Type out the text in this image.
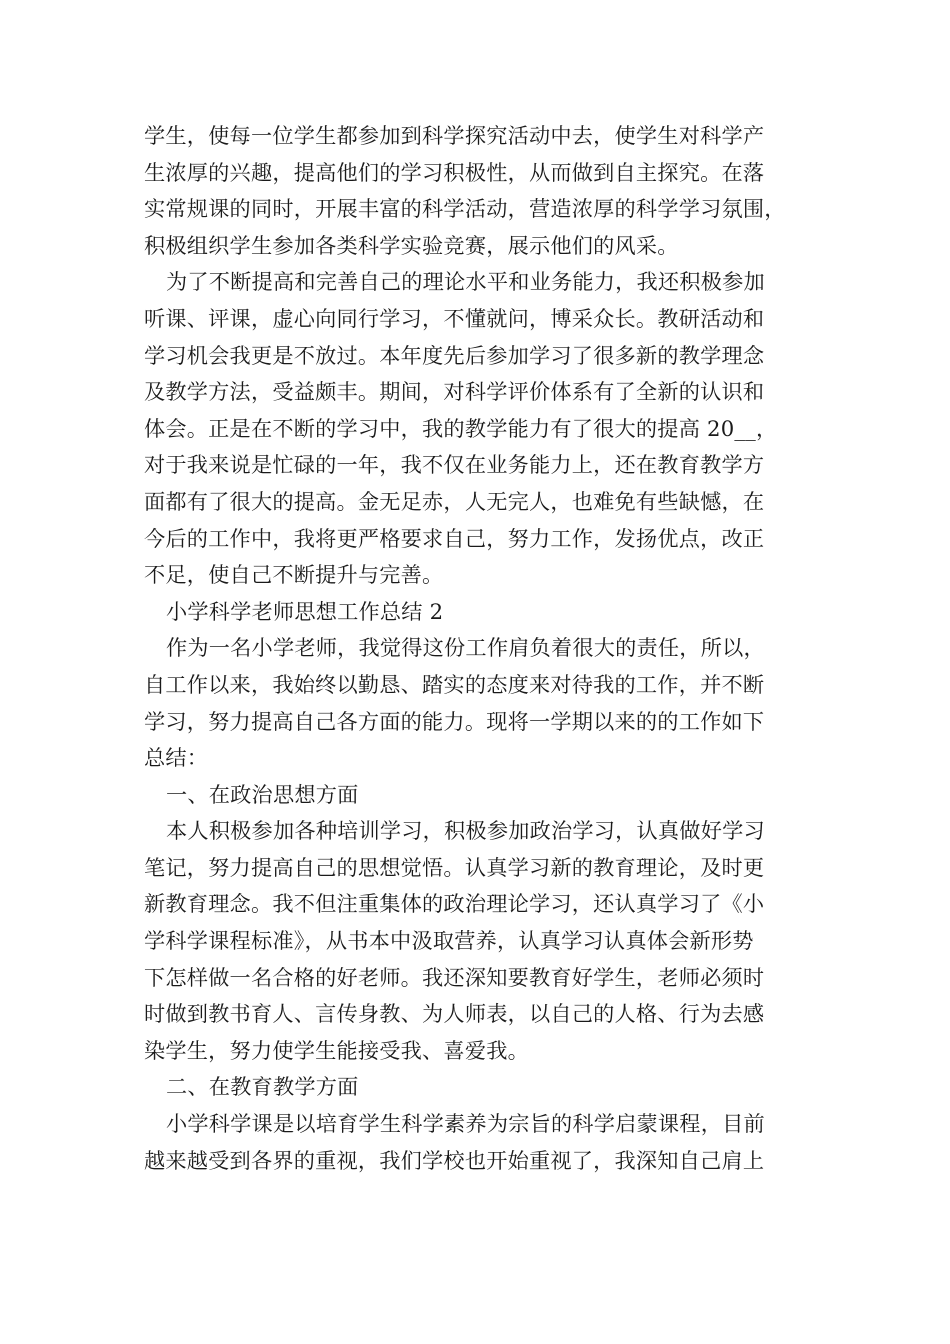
学生，使每一位学生都参加到科学探究活动中去，使学生对科学产
生浓厚的兴趣，提高他们的学习积极性，从而做到自主探究。在落
实常规课的同时，开展丰富的科学活动，营造浓厚的科学学习氛围，
积极组织学生参加各类科学实验竞赛，展示他们的风采。
为了不断提高和完善自己的理论水平和业务能力，我还积极参加
听课、评课，虚心向同行学习，不懂就问，博采众长。教研活动和
学习机会我更是不放过。本年度先后参加学习了很多新的教学理念
及教学方法，受益颇丰。期间，对科学评价体系有了全新的认识和
体会。正是在不断的学习中，我的教学能力有了很大的提高 20__，
对于我来说是忙碌的一年，我不仅在业务能力上，还在教育教学方
面都有了很大的提高。金无足赤，人无完人，也难免有些缺憾，在
今后的工作中，我将更严格要求自己，努力工作，发扬优点，改正
不足，使自己不断提升与完善。
小学科学老师思想工作总结 2
作为一名小学老师，我觉得这份工作肩负着很大的责任，所以，
自工作以来，我始终以勤恳、踏实的态度来对待我的工作，并不断
学习，努力提高自己各方面的能力。现将一学期以来的的工作如下
总结：
一、在政治思想方面
本人积极参加各种培训学习，积极参加政治学习，认真做好学习
笔记，努力提高自己的思想觉悟。认真学习新的教育理论，及时更
新教育理念。我不但注重集体的政治理论学习，还认真学习了《小
学科学课程标准》，从书本中汲取营养，认真学习认真体会新形势
下怎样做一名合格的好老师。我还深知要教育好学生，老师必须时
时做到教书育人、言传身教、为人师表，以自己的人格、行为去感
染学生，努力使学生能接受我、喜爱我。
二、在教育教学方面
小学科学课是以培育学生科学素养为宗旨的科学启蒙课程，目前
越来越受到各界的重视，我们学校也开始重视了，我深知自己肩上
